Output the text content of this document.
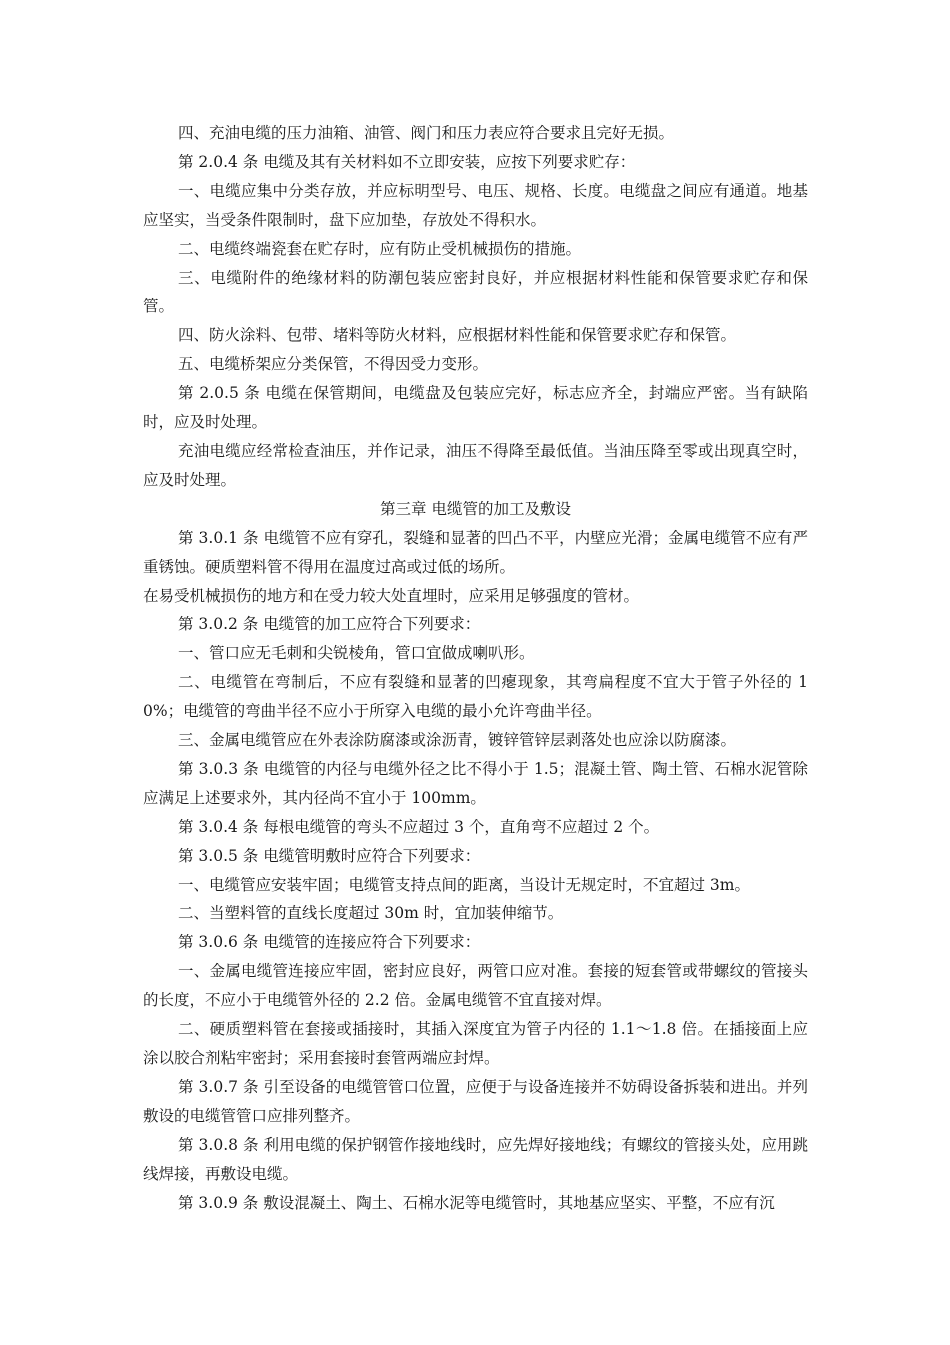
四、充油电缆的压力油箱、油管、阀门和压力表应符合要求且完好无损。

第 2.0.4 条 电缆及其有关材料如不立即安装，应按下列要求贮存：

一、电缆应集中分类存放，并应标明型号、电压、规格、长度。电缆盘之间应有通道。地基应坚实，当受条件限制时，盘下应加垫，存放处不得积水。

二、电缆终端瓷套在贮存时，应有防止受机械损伤的措施。

三、电缆附件的绝缘材料的防潮包装应密封良好，并应根据材料性能和保管要求贮存和保管。

四、防火涂料、包带、堵料等防火材料，应根据材料性能和保管要求贮存和保管。

五、电缆桥架应分类保管，不得因受力变形。

第 2.0.5 条 电缆在保管期间，电缆盘及包装应完好，标志应齐全，封端应严密。当有缺陷时，应及时处理。

充油电缆应经常检查油压，并作记录，油压不得降至最低值。当油压降至零或出现真空时，应及时处理。

第三章 电缆管的加工及敷设

第 3.0.1 条 电缆管不应有穿孔，裂缝和显著的凹凸不平，内壁应光滑；金属电缆管不应有严重锈蚀。硬质塑料管不得用在温度过高或过低的场所。

在易受机械损伤的地方和在受力较大处直埋时，应采用足够强度的管材。

第 3.0.2 条 电缆管的加工应符合下列要求：

一、管口应无毛刺和尖锐棱角，管口宜做成喇叭形。

二、电缆管在弯制后，不应有裂缝和显著的凹瘪现象，其弯扁程度不宜大于管子外径的 10%；电缆管的弯曲半径不应小于所穿入电缆的最小允许弯曲半径。

三、金属电缆管应在外表涂防腐漆或涂沥青，镀锌管锌层剥落处也应涂以防腐漆。

第 3.0.3 条 电缆管的内径与电缆外径之比不得小于 1.5；混凝土管、陶土管、石棉水泥管除应满足上述要求外，其内径尚不宜小于 100mm。

第 3.0.4 条 每根电缆管的弯头不应超过 3 个，直角弯不应超过 2 个。

第 3.0.5 条 电缆管明敷时应符合下列要求：

一、电缆管应安装牢固；电缆管支持点间的距离，当设计无规定时，不宜超过 3m。

二、当塑料管的直线长度超过 30m 时，宜加装伸缩节。

第 3.0.6 条 电缆管的连接应符合下列要求：

一、金属电缆管连接应牢固，密封应良好，两管口应对准。套接的短套管或带螺纹的管接头的长度，不应小于电缆管外径的 2.2 倍。金属电缆管不宜直接对焊。

二、硬质塑料管在套接或插接时，其插入深度宜为管子内径的 1.1～1.8 倍。在插接面上应涂以胶合剂粘牢密封；采用套接时套管两端应封焊。

第 3.0.7 条 引至设备的电缆管管口位置，应便于与设备连接并不妨碍设备拆装和进出。并列敷设的电缆管管口应排列整齐。

第 3.0.8 条 利用电缆的保护钢管作接地线时，应先焊好接地线；有螺纹的管接头处，应用跳线焊接，再敷设电缆。

第 3.0.9 条 敷设混凝土、陶土、石棉水泥等电缆管时，其地基应坚实、平整，不应有沉
